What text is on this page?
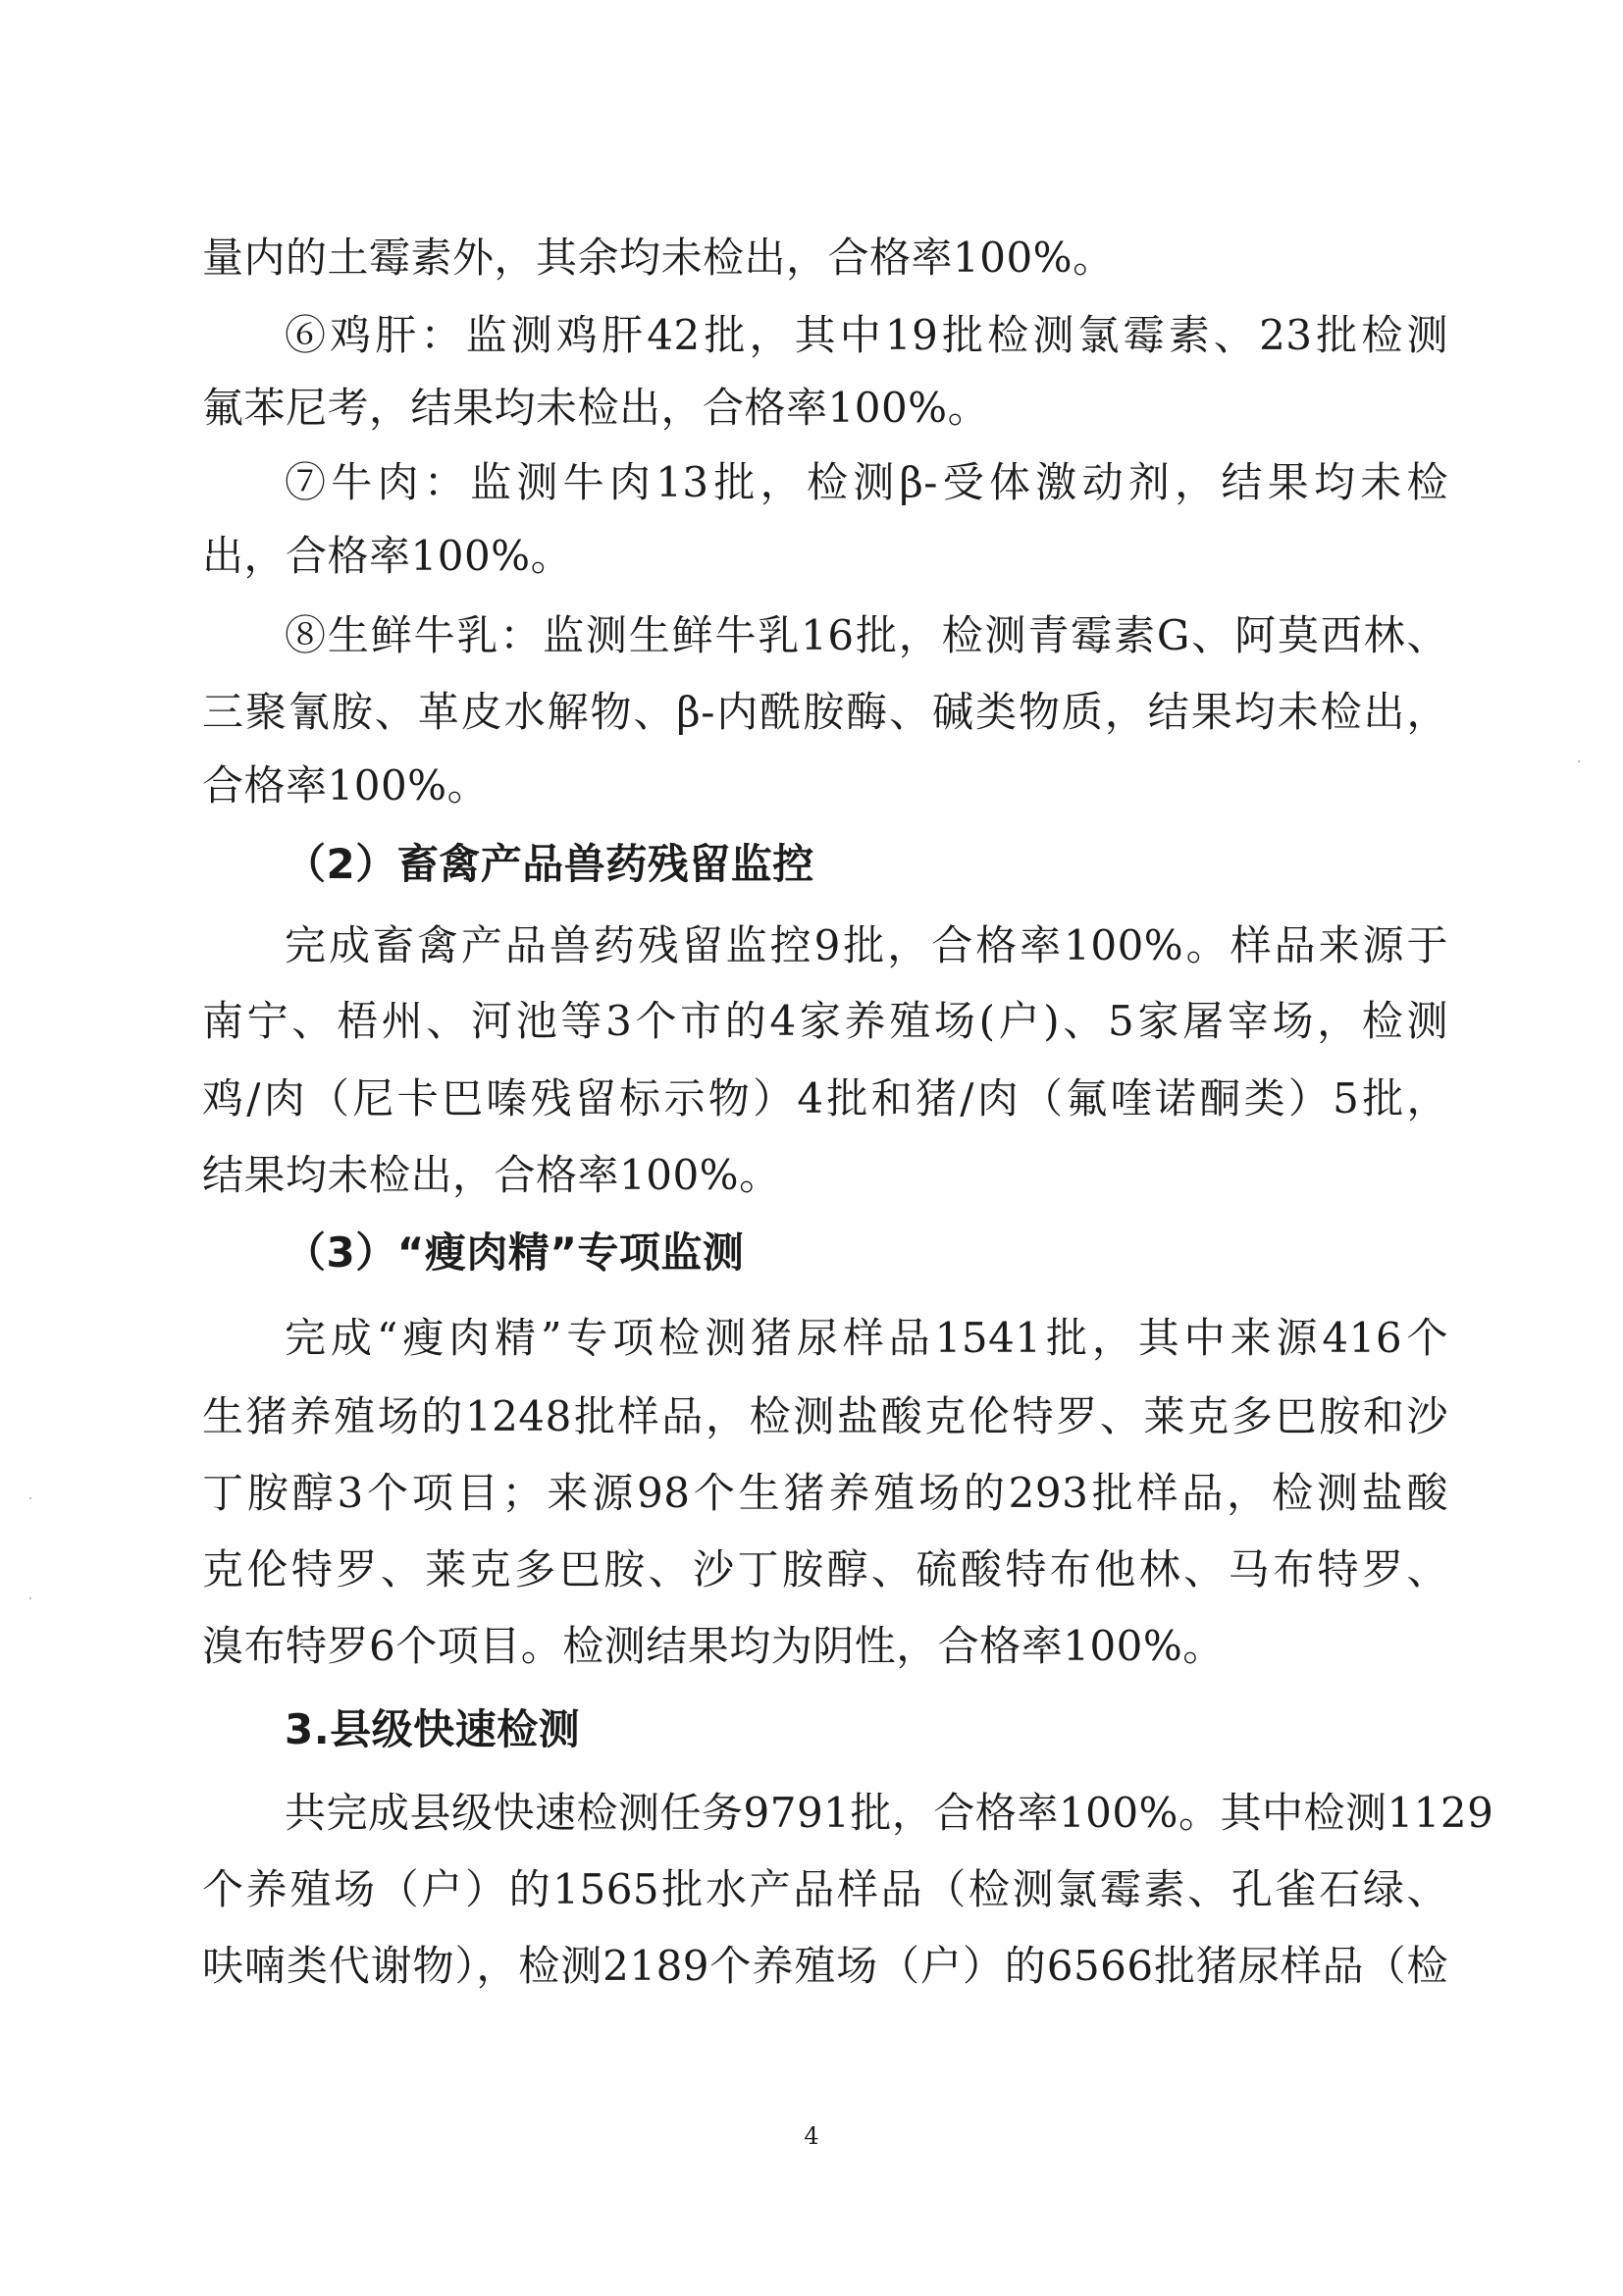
量内的土霉素外，其余均未检出，合格率100%。
⑥鸡肝：监测鸡肝42批，其中19批检测氯霉素、23批检测
氟苯尼考，结果均未检出，合格率100%。
⑦牛肉：监测牛肉13批，检测β-受体激动剂，结果均未检
出，合格率100%。
⑧生鲜牛乳：监测生鲜牛乳16批，检测青霉素G、阿莫西林、
三聚氰胺、革皮水解物、β-内酰胺酶、碱类物质，结果均未检出，
合格率100%。
（2）畜禽产品兽药残留监控
完成畜禽产品兽药残留监控9批，合格率100%。样品来源于
南宁、梧州、河池等3个市的4家养殖场(户)、5家屠宰场，检测
鸡/肉（尼卡巴嗪残留标示物）4批和猪/肉（氟喹诺酮类）5批，
结果均未检出，合格率100%。
（3）“瘦肉精”专项监测
完成“瘦肉精”专项检测猪尿样品1541批，其中来源416个
生猪养殖场的1248批样品，检测盐酸克伦特罗、莱克多巴胺和沙
丁胺醇3个项目；来源98个生猪养殖场的293批样品，检测盐酸
克伦特罗、莱克多巴胺、沙丁胺醇、硫酸特布他林、马布特罗、
溴布特罗6个项目。检测结果均为阴性，合格率100%。
3.县级快速检测
共完成县级快速检测任务9791批，合格率100%。其中检测1129
个养殖场（户）的1565批水产品样品（检测氯霉素、孔雀石绿、
呋喃类代谢物），检测2189个养殖场（户）的6566批猪尿样品（检
4
